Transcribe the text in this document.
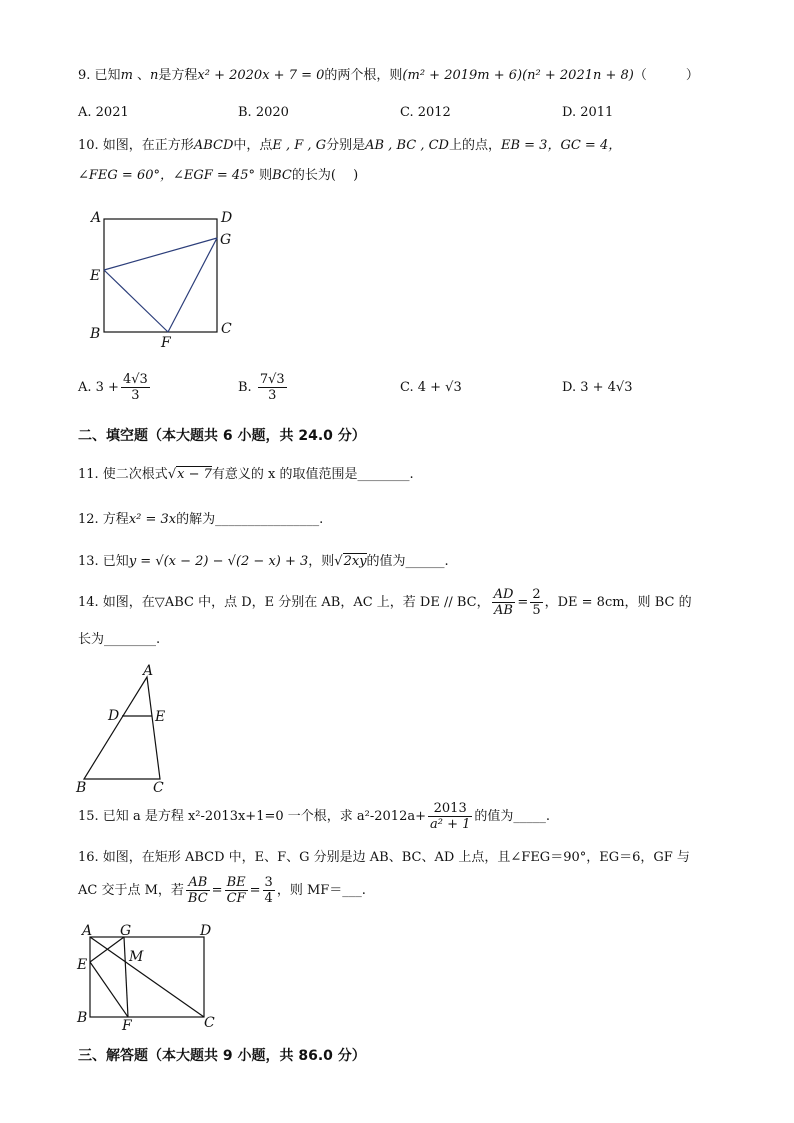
9. 已知m 、n是方程x² + 2020x + 7 = 0的两个根，则(m² + 2019m + 6)(n² + 2021n + 8)（　　　）
A. 2021	B. 2020	C. 2012	D. 2011
10. 如图，在正方形ABCD中，点E , F , G分别是AB , BC , CD上的点，EB = 3，GC = 4，
∠FEG = 60°，∠EGF = 45° 则BC的长为(　 )
A	D
G
E
B
F
C
A. $3 + \frac{4√3}{3}$	B. $\frac{7√3}{3}$	C. 4 + √3	D. 3 + 4√3
二、填空题（本大题共 6 小题，共 24.0 分）
11. 使二次根式√x − 7有意义的 x 的取值范围是________.
12. 方程x² = 3x的解为________________.
13. 已知y = √(x − 2) − √(2 − x) + 3，则√2xy的值为______.
14. 如图，在▽ABC 中，点 D，E 分别在 AB，AC 上，若 DE // BC， $\frac{AD}{AB} = \frac{2}{5}$ ，DE = 8cm，则 BC 的
长为________.
A
D	E
B	C
15. 已知 a 是方程 x²-2013x+1=0 一个根，求 $a^2-2012a+ \frac{2013}{\text{a² + 1}}$ 的值为_____.
16. 如图，在矩形 ABCD 中，E、F、G 分别是边 AB、BC、AD 上点，且∠FEG＝90°，EG＝6，GF 与
AC 交于点 M，若 $\frac{AB}{BC} = \frac{BE}{CF} = \frac{3}{4}$ ，则 MF＝___.
A G	D
E	M
B F	C
三、解答题（本大题共 9 小题，共 86.0 分）
